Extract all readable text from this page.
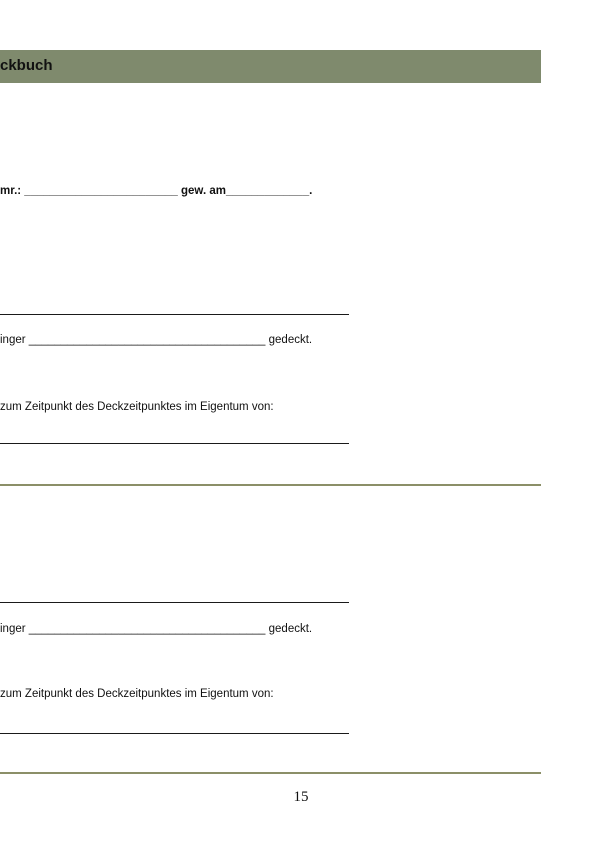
ckbuch

mr.: ________________________ gew. am_____________.

inger _____________________________________ gedeckt.

zum Zeitpunkt des Deckzeitpunktes im Eigentum von:

inger _____________________________________ gedeckt.

zum Zeitpunkt des Deckzeitpunktes im Eigentum von:

15
